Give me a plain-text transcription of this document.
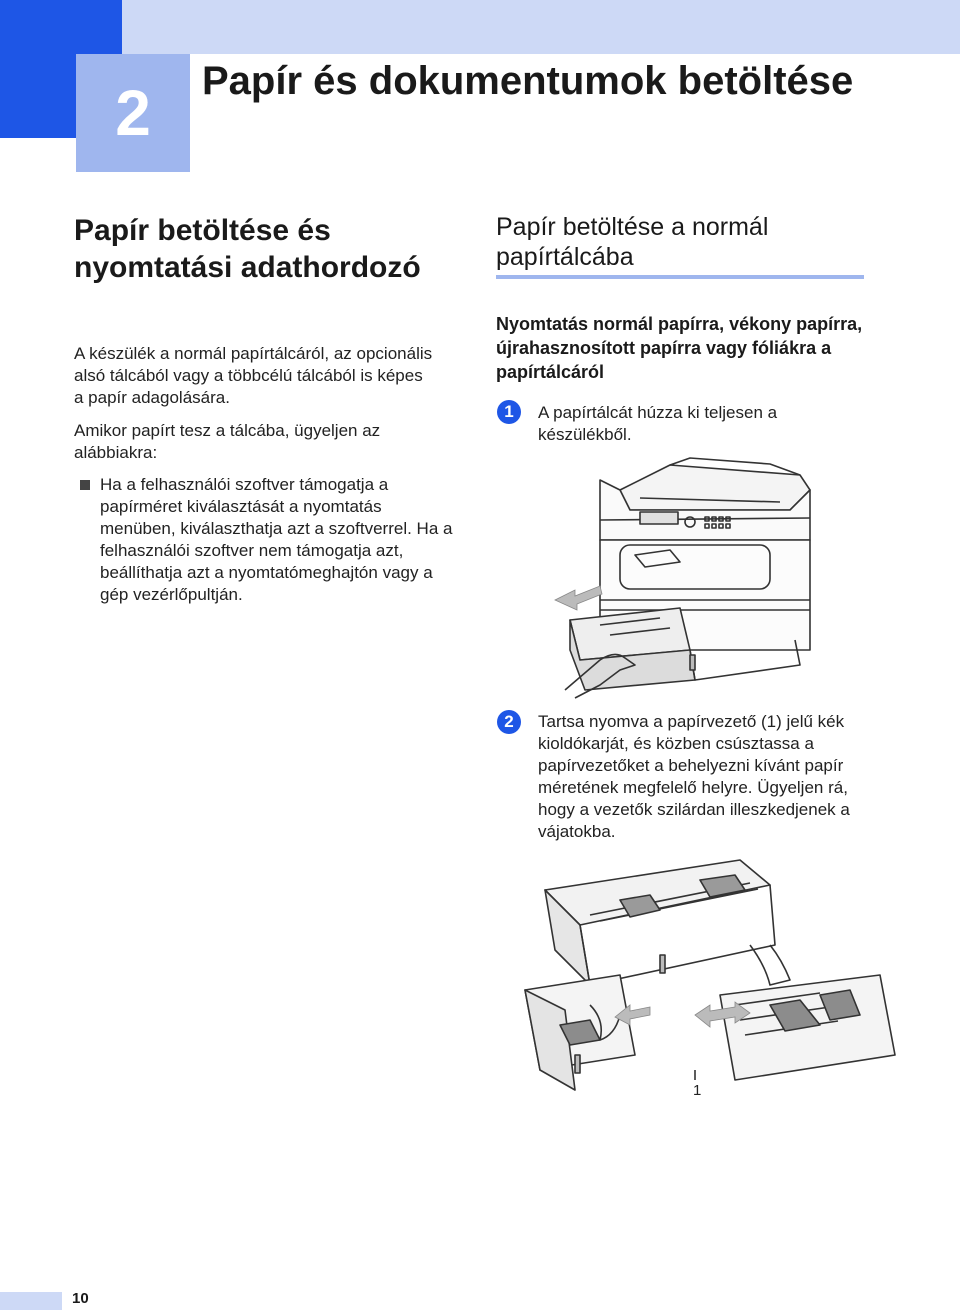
2 Papír és dokumentumok betöltése
Papír betöltése és nyomtatási adathordozó
A készülék a normál papírtálcáról, az opcionális alsó tálcából vagy a többcélú tálcából is képes a papír adagolására.
Amikor papírt tesz a tálcába, ügyeljen az alábbiakra:
Ha a felhasználói szoftver támogatja a papírméret kiválasztását a nyomtatás menüben, kiválaszthatja azt a szoftverrel. Ha a felhasználói szoftver nem támogatja azt, beállíthatja azt a nyomtatómeghajtón vagy a gép vezérlőpultján.
Papír betöltése a normál papírtálcába
Nyomtatás normál papírra, vékony papírra, újrahasznosított papírra vagy fóliákra a papírtálcáról
1	A papírtálcát húzza ki teljesen a készülékből.
2	Tartsa nyomva a papírvezető (1) jelű kék kioldókarját, és közben csúsztassa a papírvezetőket a behelyezni kívánt papír méretének megfelelő helyre. Ügyeljen rá, hogy a vezetők szilárdan illeszkedjenek a vájatokba.
1
10
